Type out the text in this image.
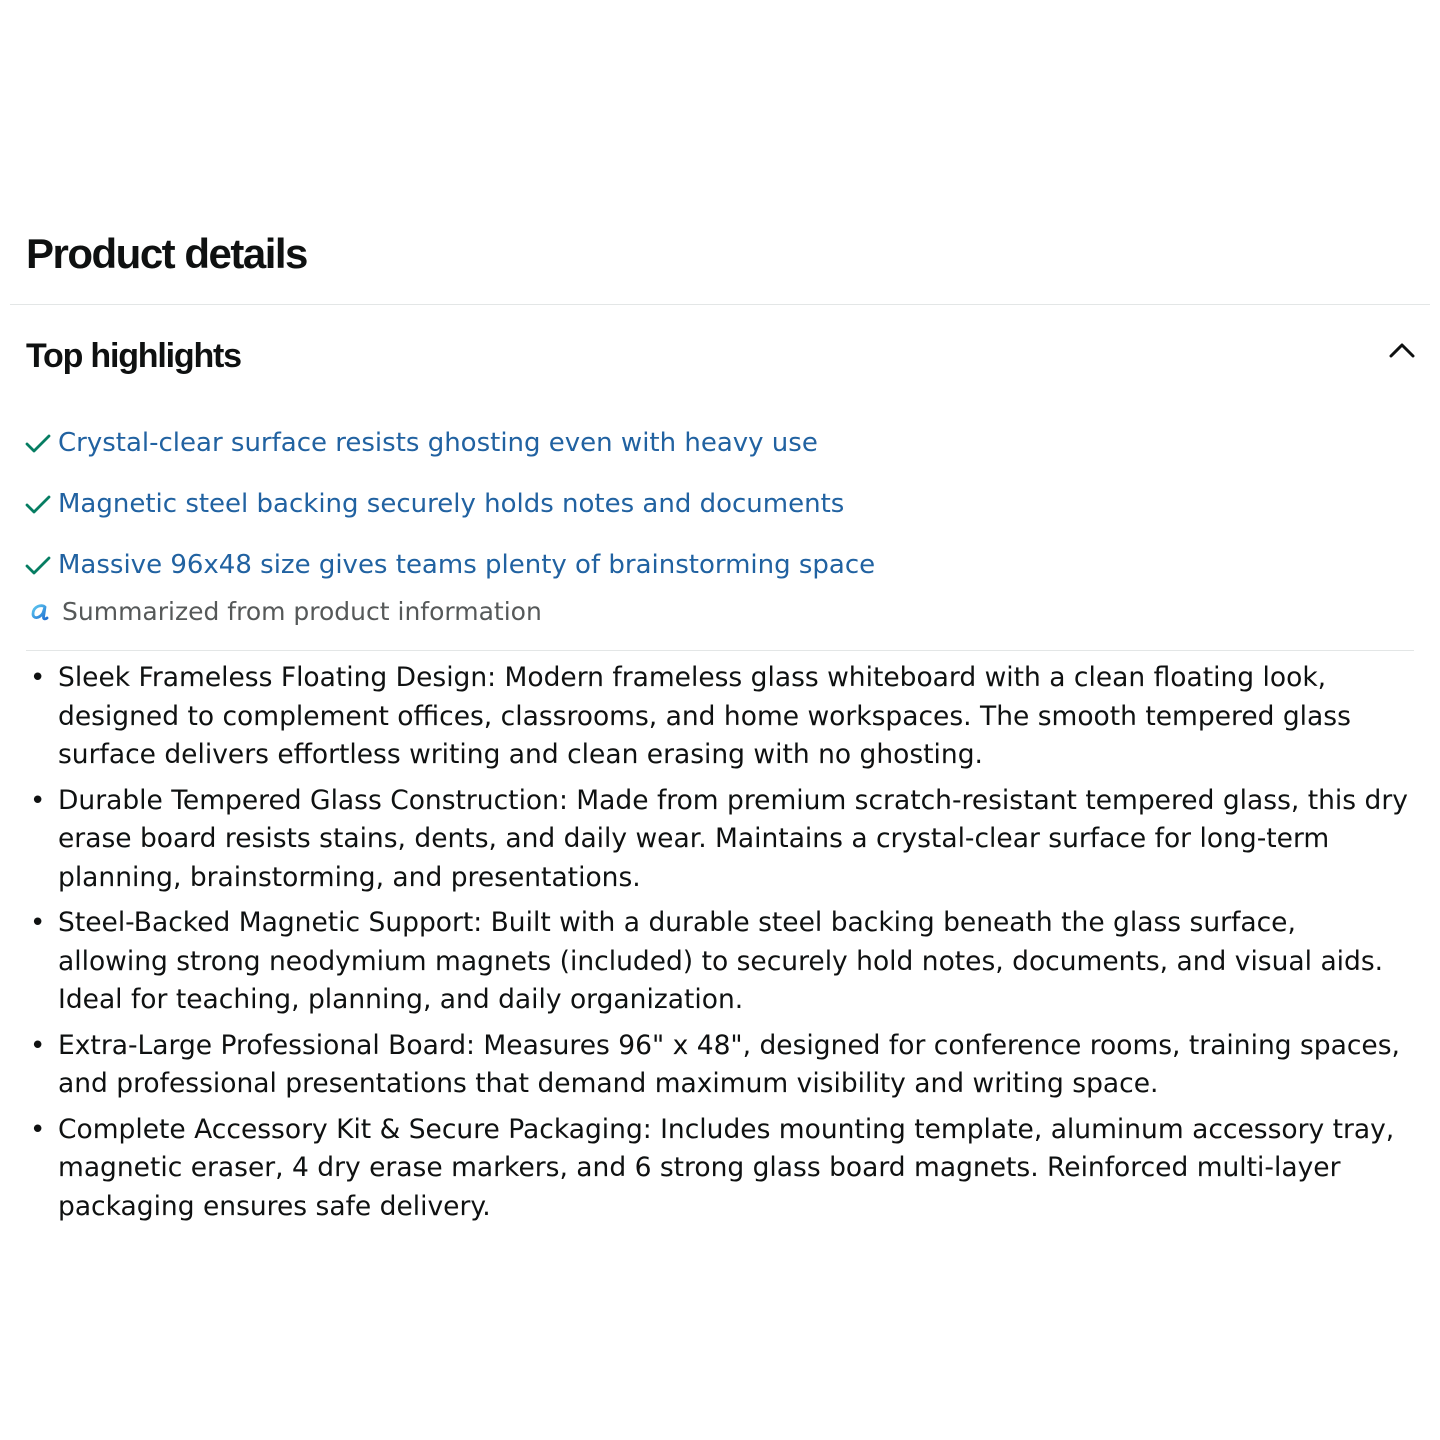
Product details
Top highlights
Crystal-clear surface resists ghosting even with heavy use
Magnetic steel backing securely holds notes and documents
Massive 96x48 size gives teams plenty of brainstorming space
Summarized from product information
• Sleek Frameless Floating Design: Modern frameless glass whiteboard with a clean floating look, designed to complement offices, classrooms, and home workspaces. The smooth tempered glass surface delivers effortless writing and clean erasing with no ghosting.
• Durable Tempered Glass Construction: Made from premium scratch-resistant tempered glass, this dry erase board resists stains, dents, and daily wear. Maintains a crystal-clear surface for long-term planning, brainstorming, and presentations.
• Steel-Backed Magnetic Support: Built with a durable steel backing beneath the glass surface, allowing strong neodymium magnets (included) to securely hold notes, documents, and visual aids. Ideal for teaching, planning, and daily organization.
• Extra-Large Professional Board: Measures 96" x 48", designed for conference rooms, training spaces, and professional presentations that demand maximum visibility and writing space.
• Complete Accessory Kit & Secure Packaging: Includes mounting template, aluminum accessory tray, magnetic eraser, 4 dry erase markers, and 6 strong glass board magnets. Reinforced multi-layer packaging ensures safe delivery.
